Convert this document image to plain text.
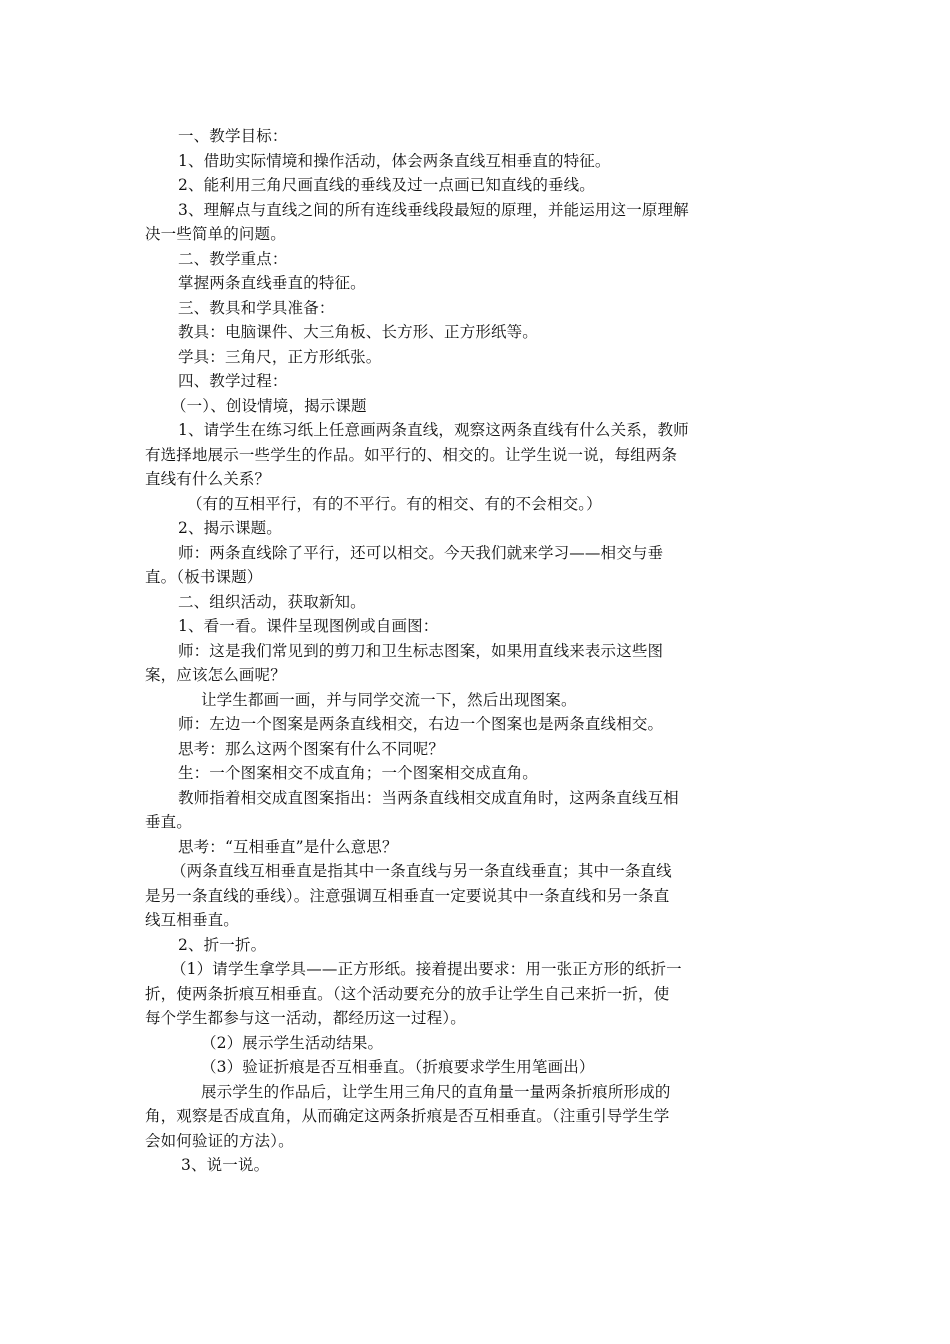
一、教学目标：
1、借助实际情境和操作活动，体会两条直线互相垂直的特征。
2、能利用三角尺画直线的垂线及过一点画已知直线的垂线。
3、理解点与直线之间的所有连线垂线段最短的原理，并能运用这一原理解
决一些简单的问题。
二、教学重点：
掌握两条直线垂直的特征。
三、教具和学具准备：
教具：电脑课件、大三角板、长方形、正方形纸等。
学具：三角尺，正方形纸张。
四、教学过程：
（一）、创设情境，揭示课题
1、请学生在练习纸上任意画两条直线，观察这两条直线有什么关系，教师
有选择地展示一些学生的作品。如平行的、相交的。让学生说一说，每组两条
直线有什么关系？
（有的互相平行，有的不平行。有的相交、有的不会相交。）
2、揭示课题。
师：两条直线除了平行，还可以相交。今天我们就来学习——相交与垂
直。（板书课题）
二、组织活动，获取新知。
1、看一看。课件呈现图例或自画图：
师：这是我们常见到的剪刀和卫生标志图案，如果用直线来表示这些图
案，应该怎么画呢？
让学生都画一画，并与同学交流一下，然后出现图案。
师：左边一个图案是两条直线相交，右边一个图案也是两条直线相交。
思考：那么这两个图案有什么不同呢？
生：一个图案相交不成直角；一个图案相交成直角。
教师指着相交成直图案指出：当两条直线相交成直角时，这两条直线互相
垂直。
思考：“互相垂直”是什么意思？
（两条直线互相垂直是指其中一条直线与另一条直线垂直；其中一条直线
是另一条直线的垂线）。注意强调互相垂直一定要说其中一条直线和另一条直
线互相垂直。
2、折一折。
（1）请学生拿学具——正方形纸。接着提出要求：用一张正方形的纸折一
折，使两条折痕互相垂直。（这个活动要充分的放手让学生自己来折一折，使
每个学生都参与这一活动，都经历这一过程）。
（2）展示学生活动结果。
（3）验证折痕是否互相垂直。（折痕要求学生用笔画出）
展示学生的作品后，让学生用三角尺的直角量一量两条折痕所形成的
角，观察是否成直角，从而确定这两条折痕是否互相垂直。（注重引导学生学
会如何验证的方法）。
3、说一说。
